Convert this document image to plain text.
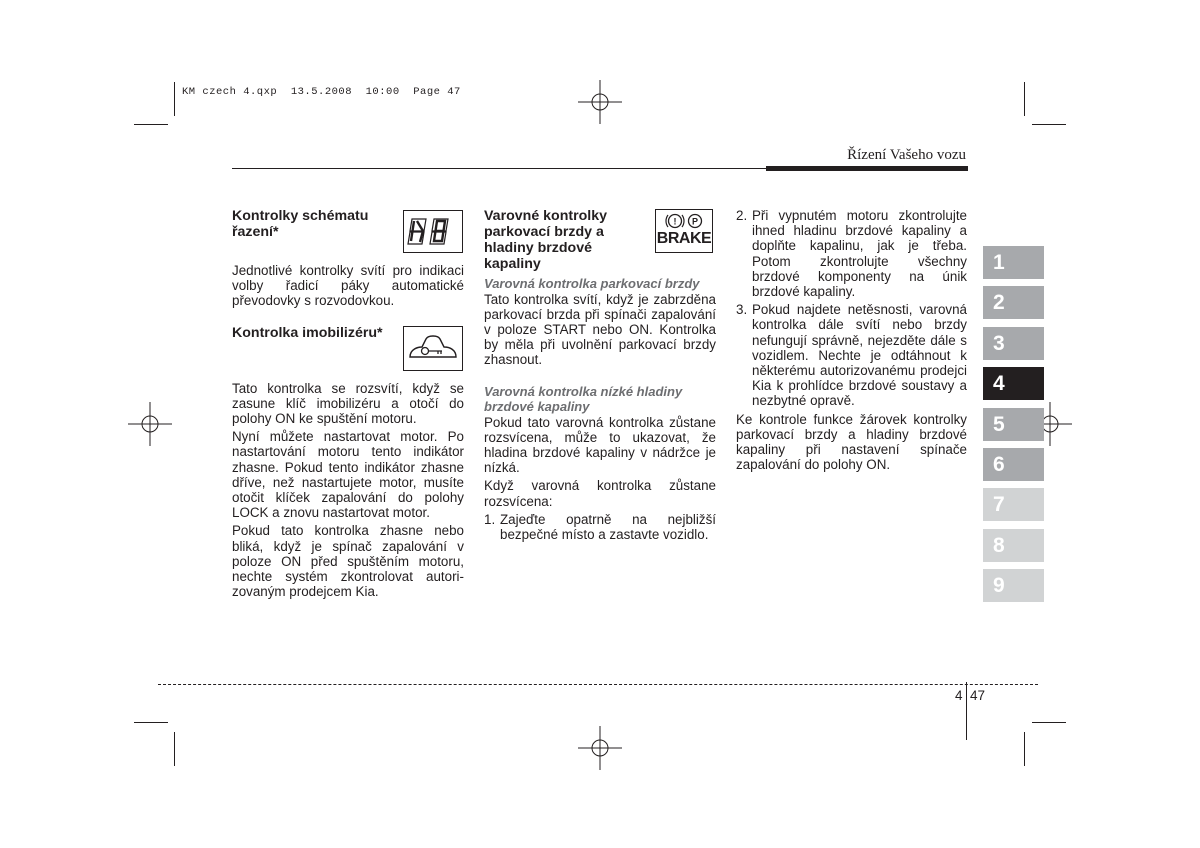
KM czech 4.qxp  13.5.2008  10:00  Page 47
Řízení Vašeho vozu
Kontrolky schématu řazení*

Jednotlivé kontrolky svítí pro indikaci volby řadicí páky automatické převodovky s rozvodovkou.

Kontrolka imobilizéru*

Tato kontrolka se rozsvítí, když se zasune klíč imobilizéru a otočí do polohy ON ke spuštění motoru.

Nyní můžete nastartovat motor. Po nastartování motoru tento indikátor zhasne. Pokud tento indikátor zhasne dříve, než nastartujete motor, musíte otočit klíček zapalování do polohy LOCK a znovu nastartovat motor.

Pokud tato kontrolka zhasne nebo bliká, když je spínač zapalování v poloze ON před spuštěním motoru, nechte systém zkontrolovat autori-zovaným prodejcem Kia.

Varovné kontrolky parkovací brzdy a hladiny brzdové kapaliny
Varovná kontrolka parkovací brzdy

Tato kontrolka svítí, když je zabrzděna parkovací brzda při spínači zapalování v poloze START nebo ON. Kontrolka by měla při uvolnění parkovací brzdy zhasnout.

Varovná kontrolka nízké hladiny brzdové kapaliny

Pokud tato varovná kontrolka zůstane rozsvícena, může to ukazovat, že hladina brzdové kapaliny v nádržce je nízká.

Když varovná kontrolka zůstane rozsvícena:

1. Zajeďte opatrně na nejbližší bezpečné místo a zastavte vozidlo.
! P
BRAKE
2. Při vypnutém motoru zkontrolujte ihned hladinu brzdové kapaliny a doplňte kapalinu, jak je třeba. Potom zkontrolujte všechny brzdové komponenty na únik brzdové kapaliny.
3. Pokud najdete netěsnosti, varovná kontrolka dále svítí nebo brzdy nefungují správně, nejezděte dále s vozidlem. Nechte je odtáhnout k některému autorizovanému prodejci Kia k prohlídce brzdové soustavy a nezbytné opravě.

Ke kontrole funkce žárovek kontrolky parkovací brzdy a hladiny brzdové kapaliny při nastavení spínače zapalování do polohy ON.

1
2
3
4
5
6
7
8
9
4 47
